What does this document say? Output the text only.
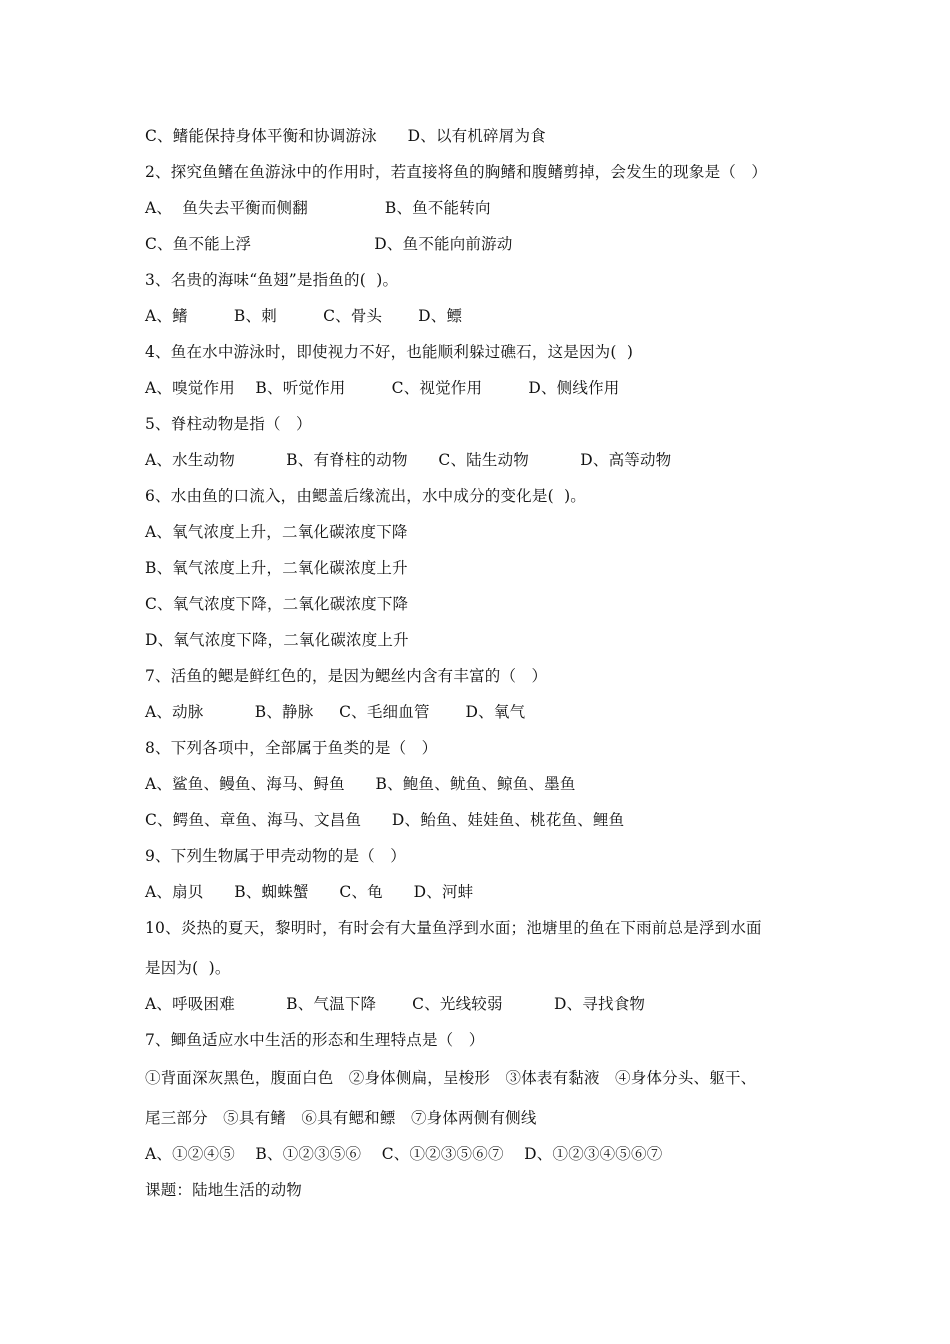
C、鳍能保持身体平衡和协调游泳      D、以有机碎屑为食
2、探究鱼鳍在鱼游泳中的作用时，若直接将鱼的胸鳍和腹鳍剪掉，会发生的现象是（   ）
A、  鱼失去平衡而侧翻               B、鱼不能转向
C、鱼不能上浮                        D、鱼不能向前游动
3、名贵的海味“鱼翅”是指鱼的(  )。
A、鳍         B、刺         C、骨头       D、鳔
4、鱼在水中游泳时，即使视力不好，也能顺利躲过礁石，这是因为(  )
A、嗅觉作用    B、听觉作用         C、视觉作用         D、侧线作用
5、脊柱动物是指（   ）
A、水生动物          B、有脊柱的动物      C、陆生动物          D、高等动物
6、水由鱼的口流入，由鳃盖后缘流出，水中成分的变化是(  )。
A、氧气浓度上升，二氧化碳浓度下降
B、氧气浓度上升，二氧化碳浓度上升
C、氧气浓度下降，二氧化碳浓度下降
D、氧气浓度下降，二氧化碳浓度上升
7、活鱼的鳃是鲜红色的，是因为鳃丝内含有丰富的（   ）
A、动脉          B、静脉     C、毛细血管       D、氧气
8、下列各项中，全部属于鱼类的是（   ）
A、鲨鱼、鳗鱼、海马、鲟鱼      B、鲍鱼、鱿鱼、鲸鱼、墨鱼
C、鳄鱼、章鱼、海马、文昌鱼      D、鲐鱼、娃娃鱼、桃花鱼、鲤鱼
9、下列生物属于甲壳动物的是（   ）
A、扇贝      B、蜘蛛蟹      C、龟      D、河蚌
10、炎热的夏天，黎明时，有时会有大量鱼浮到水面；池塘里的鱼在下雨前总是浮到水面
是因为(  )。
A、呼吸困难          B、气温下降       C、光线较弱          D、寻找食物
7、鲫鱼适应水中生活的形态和生理特点是（   ）
①背面深灰黑色，腹面白色   ②身体侧扁，呈梭形   ③体表有黏液   ④身体分头、躯干、
尾三部分   ⑤具有鳍   ⑥具有鳃和鳔   ⑦身体两侧有侧线
A、①②④⑤    B、①②③⑤⑥    C、①②③⑤⑥⑦    D、①②③④⑤⑥⑦
课题：陆地生活的动物
